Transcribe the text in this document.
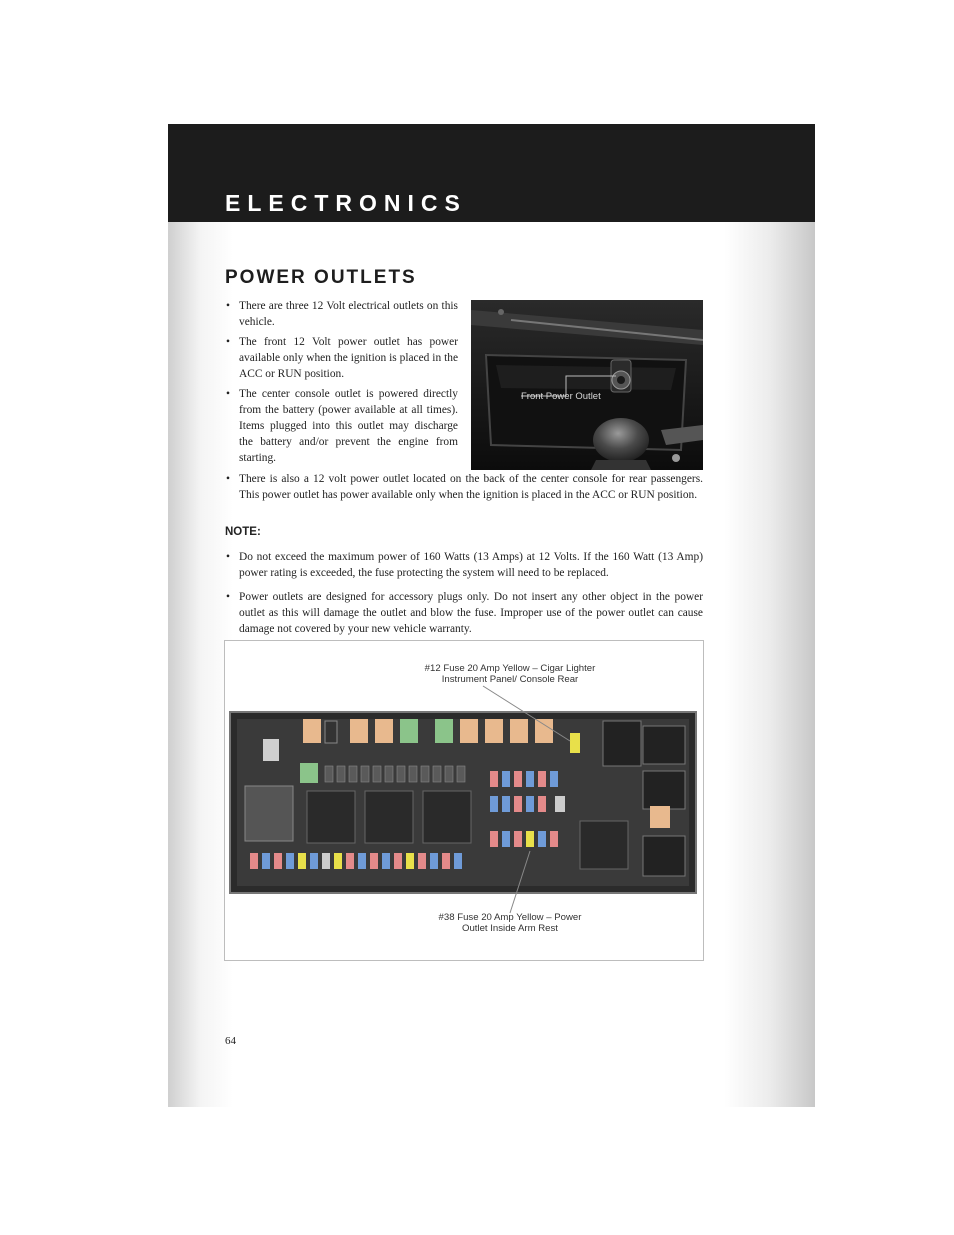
ELECTRONICS
POWER OUTLETS
• There are three 12 Volt electrical outlets on this vehicle.
• The front 12 Volt power outlet has power available only when the ignition is placed in the ACC or RUN position.
• The center console outlet is powered directly from the battery (power available at all times). Items plugged into this outlet may discharge the battery and/or prevent the engine from starting.
• There is also a 12 volt power outlet located on the back of the center console for rear passengers. This power outlet has power available only when the ignition is placed in the ACC or RUN position.
Front Power Outlet
NOTE:
• Do not exceed the maximum power of 160 Watts (13 Amps) at 12 Volts. If the 160 Watt (13 Amp) power rating is exceeded, the fuse protecting the system will need to be replaced.
• Power outlets are designed for accessory plugs only. Do not insert any other object in the power outlet as this will damage the outlet and blow the fuse. Improper use of the power outlet can cause damage not covered by your new vehicle warranty.
#12 Fuse 20 Amp Yellow – Cigar Lighter
Instrument Panel/ Console Rear
#38 Fuse 20 Amp Yellow – Power
Outlet Inside Arm Rest
64
